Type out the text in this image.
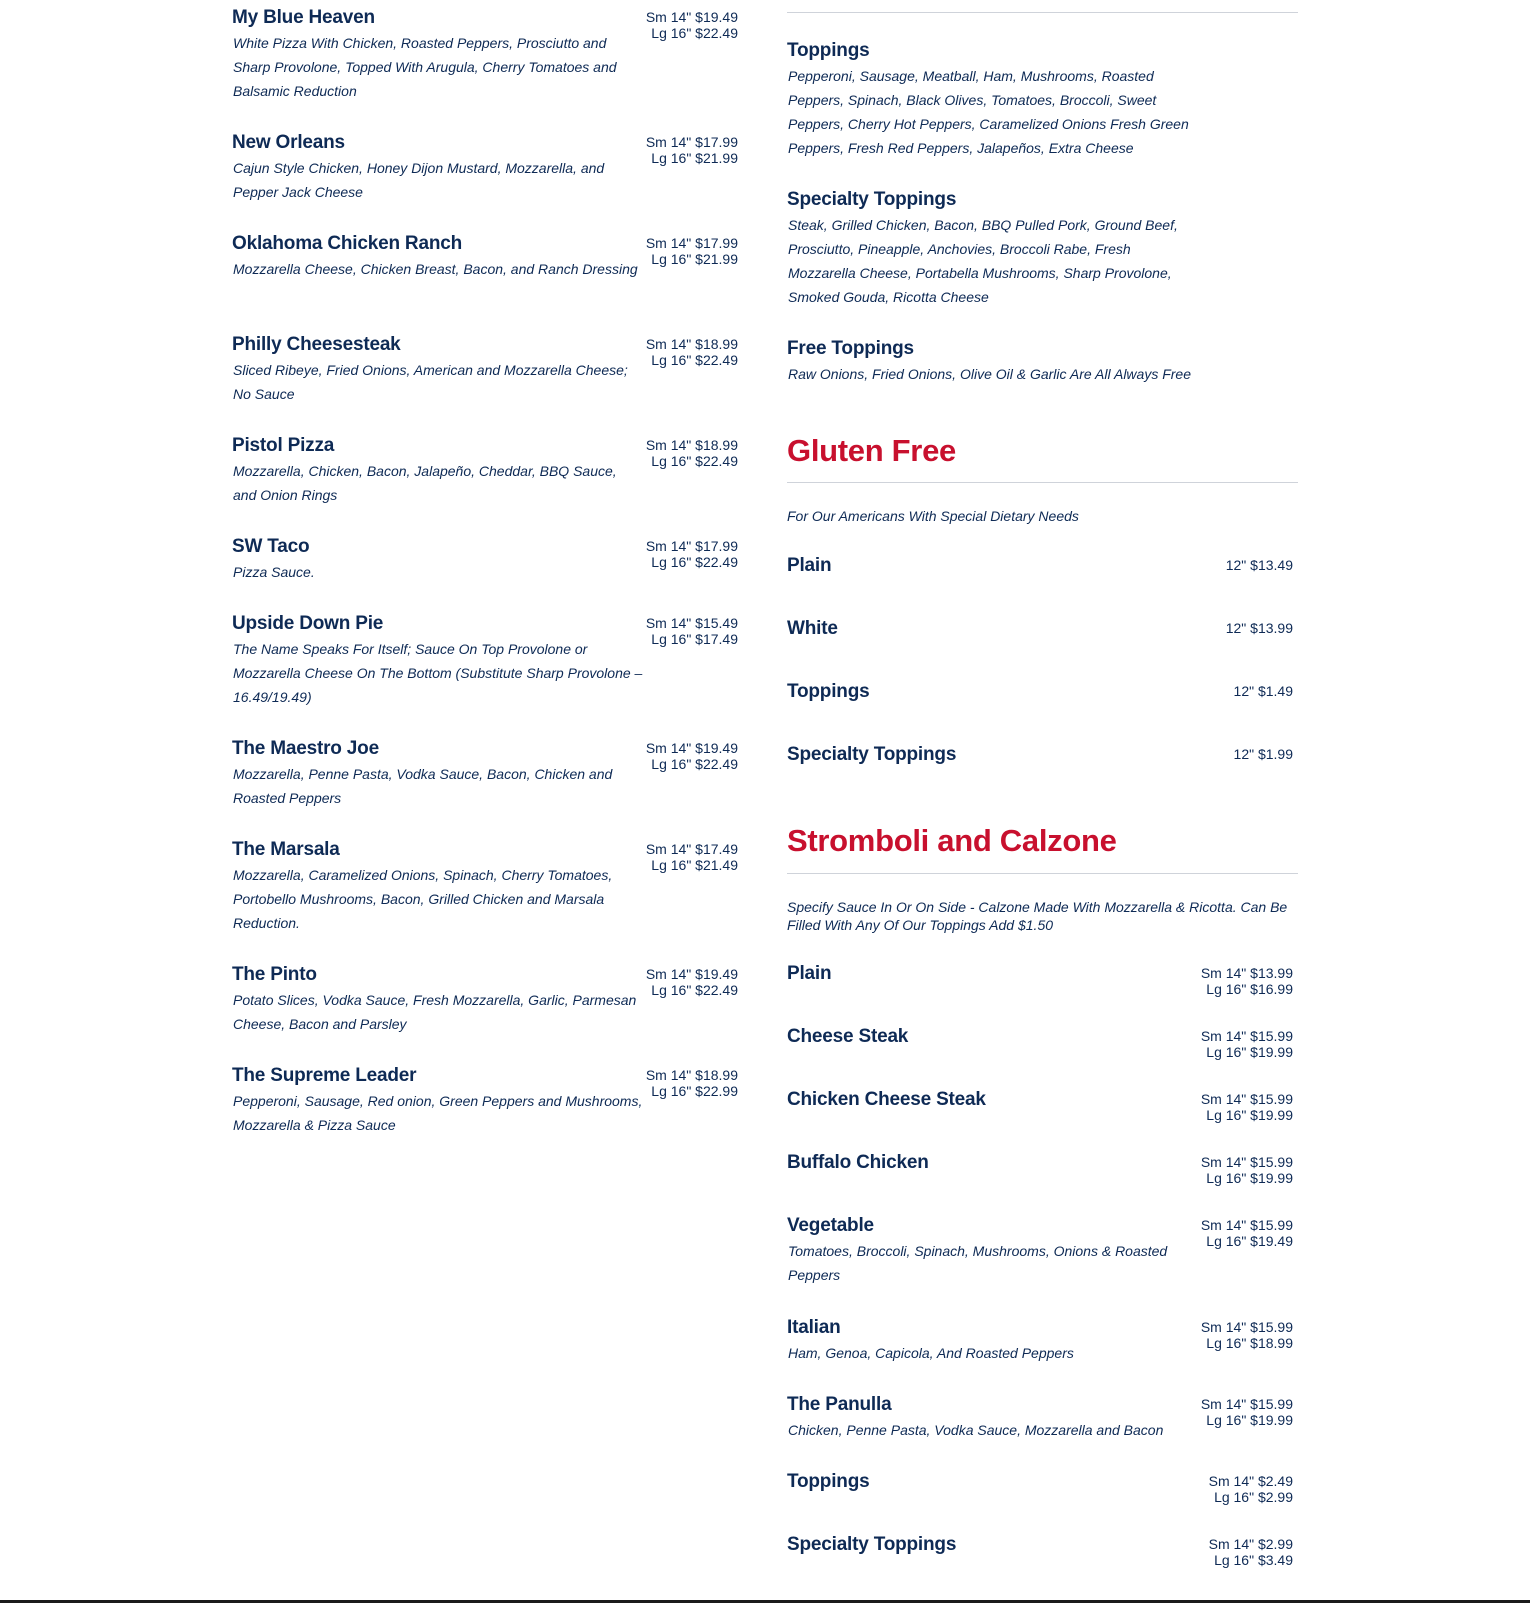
My Blue Heaven
White Pizza With Chicken, Roasted Peppers, Prosciutto and Sharp Provolone, Topped With Arugula, Cherry Tomatoes and Balsamic Reduction
Sm 14" $19.49
Lg 16" $22.49
New Orleans
Cajun Style Chicken, Honey Dijon Mustard, Mozzarella, and Pepper Jack Cheese
Sm 14" $17.99
Lg 16" $21.99
Oklahoma Chicken Ranch
Mozzarella Cheese, Chicken Breast, Bacon, and Ranch Dressing
Sm 14" $17.99
Lg 16" $21.99
Philly Cheesesteak
Sliced Ribeye, Fried Onions, American and Mozzarella Cheese; No Sauce
Sm 14" $18.99
Lg 16" $22.49
Pistol Pizza
Mozzarella, Chicken, Bacon, Jalapeño, Cheddar, BBQ Sauce, and Onion Rings
Sm 14" $18.99
Lg 16" $22.49
SW Taco
Pizza Sauce.
Sm 14" $17.99
Lg 16" $22.49
Upside Down Pie
The Name Speaks For Itself; Sauce On Top Provolone or Mozzarella Cheese On The Bottom (Substitute Sharp Provolone – 16.49/19.49)
Sm 14" $15.49
Lg 16" $17.49
The Maestro Joe
Mozzarella, Penne Pasta, Vodka Sauce, Bacon, Chicken and Roasted Peppers
Sm 14" $19.49
Lg 16" $22.49
The Marsala
Mozzarella, Caramelized Onions, Spinach, Cherry Tomatoes, Portobello Mushrooms, Bacon, Grilled Chicken and Marsala Reduction.
Sm 14" $17.49
Lg 16" $21.49
The Pinto
Potato Slices, Vodka Sauce, Fresh Mozzarella, Garlic, Parmesan Cheese, Bacon and Parsley
Sm 14" $19.49
Lg 16" $22.49
The Supreme Leader
Pepperoni, Sausage, Red onion, Green Peppers and Mushrooms, Mozzarella & Pizza Sauce
Sm 14" $18.99
Lg 16" $22.99
Toppings
Pepperoni, Sausage, Meatball, Ham, Mushrooms, Roasted Peppers, Spinach, Black Olives, Tomatoes, Broccoli, Sweet Peppers, Cherry Hot Peppers, Caramelized Onions Fresh Green Peppers, Fresh Red Peppers, Jalapeños, Extra Cheese
Specialty Toppings
Steak, Grilled Chicken, Bacon, BBQ Pulled Pork, Ground Beef, Prosciutto, Pineapple, Anchovies, Broccoli Rabe, Fresh Mozzarella Cheese, Portabella Mushrooms, Sharp Provolone, Smoked Gouda, Ricotta Cheese
Free Toppings
Raw Onions, Fried Onions, Olive Oil & Garlic Are All Always Free
Gluten Free
For Our Americans With Special Dietary Needs
Plain	12" $13.49
White	12" $13.99
Toppings	12" $1.49
Specialty Toppings	12" $1.99
Stromboli and Calzone
Specify Sauce In Or On Side - Calzone Made With Mozzarella & Ricotta. Can Be Filled With Any Of Our Toppings Add $1.50
Plain	Sm 14" $13.99
Lg 16" $16.99
Cheese Steak	Sm 14" $15.99
Lg 16" $19.99
Chicken Cheese Steak	Sm 14" $15.99
Lg 16" $19.99
Buffalo Chicken	Sm 14" $15.99
Lg 16" $19.99
Vegetable
Tomatoes, Broccoli, Spinach, Mushrooms, Onions & Roasted Peppers
Sm 14" $15.99
Lg 16" $19.49
Italian
Ham, Genoa, Capicola, And Roasted Peppers
Sm 14" $15.99
Lg 16" $18.99
The Panulla
Chicken, Penne Pasta, Vodka Sauce, Mozzarella and Bacon
Sm 14" $15.99
Lg 16" $19.99
Toppings	Sm 14" $2.49
Lg 16" $2.99
Specialty Toppings	Sm 14" $2.99
Lg 16" $3.49
